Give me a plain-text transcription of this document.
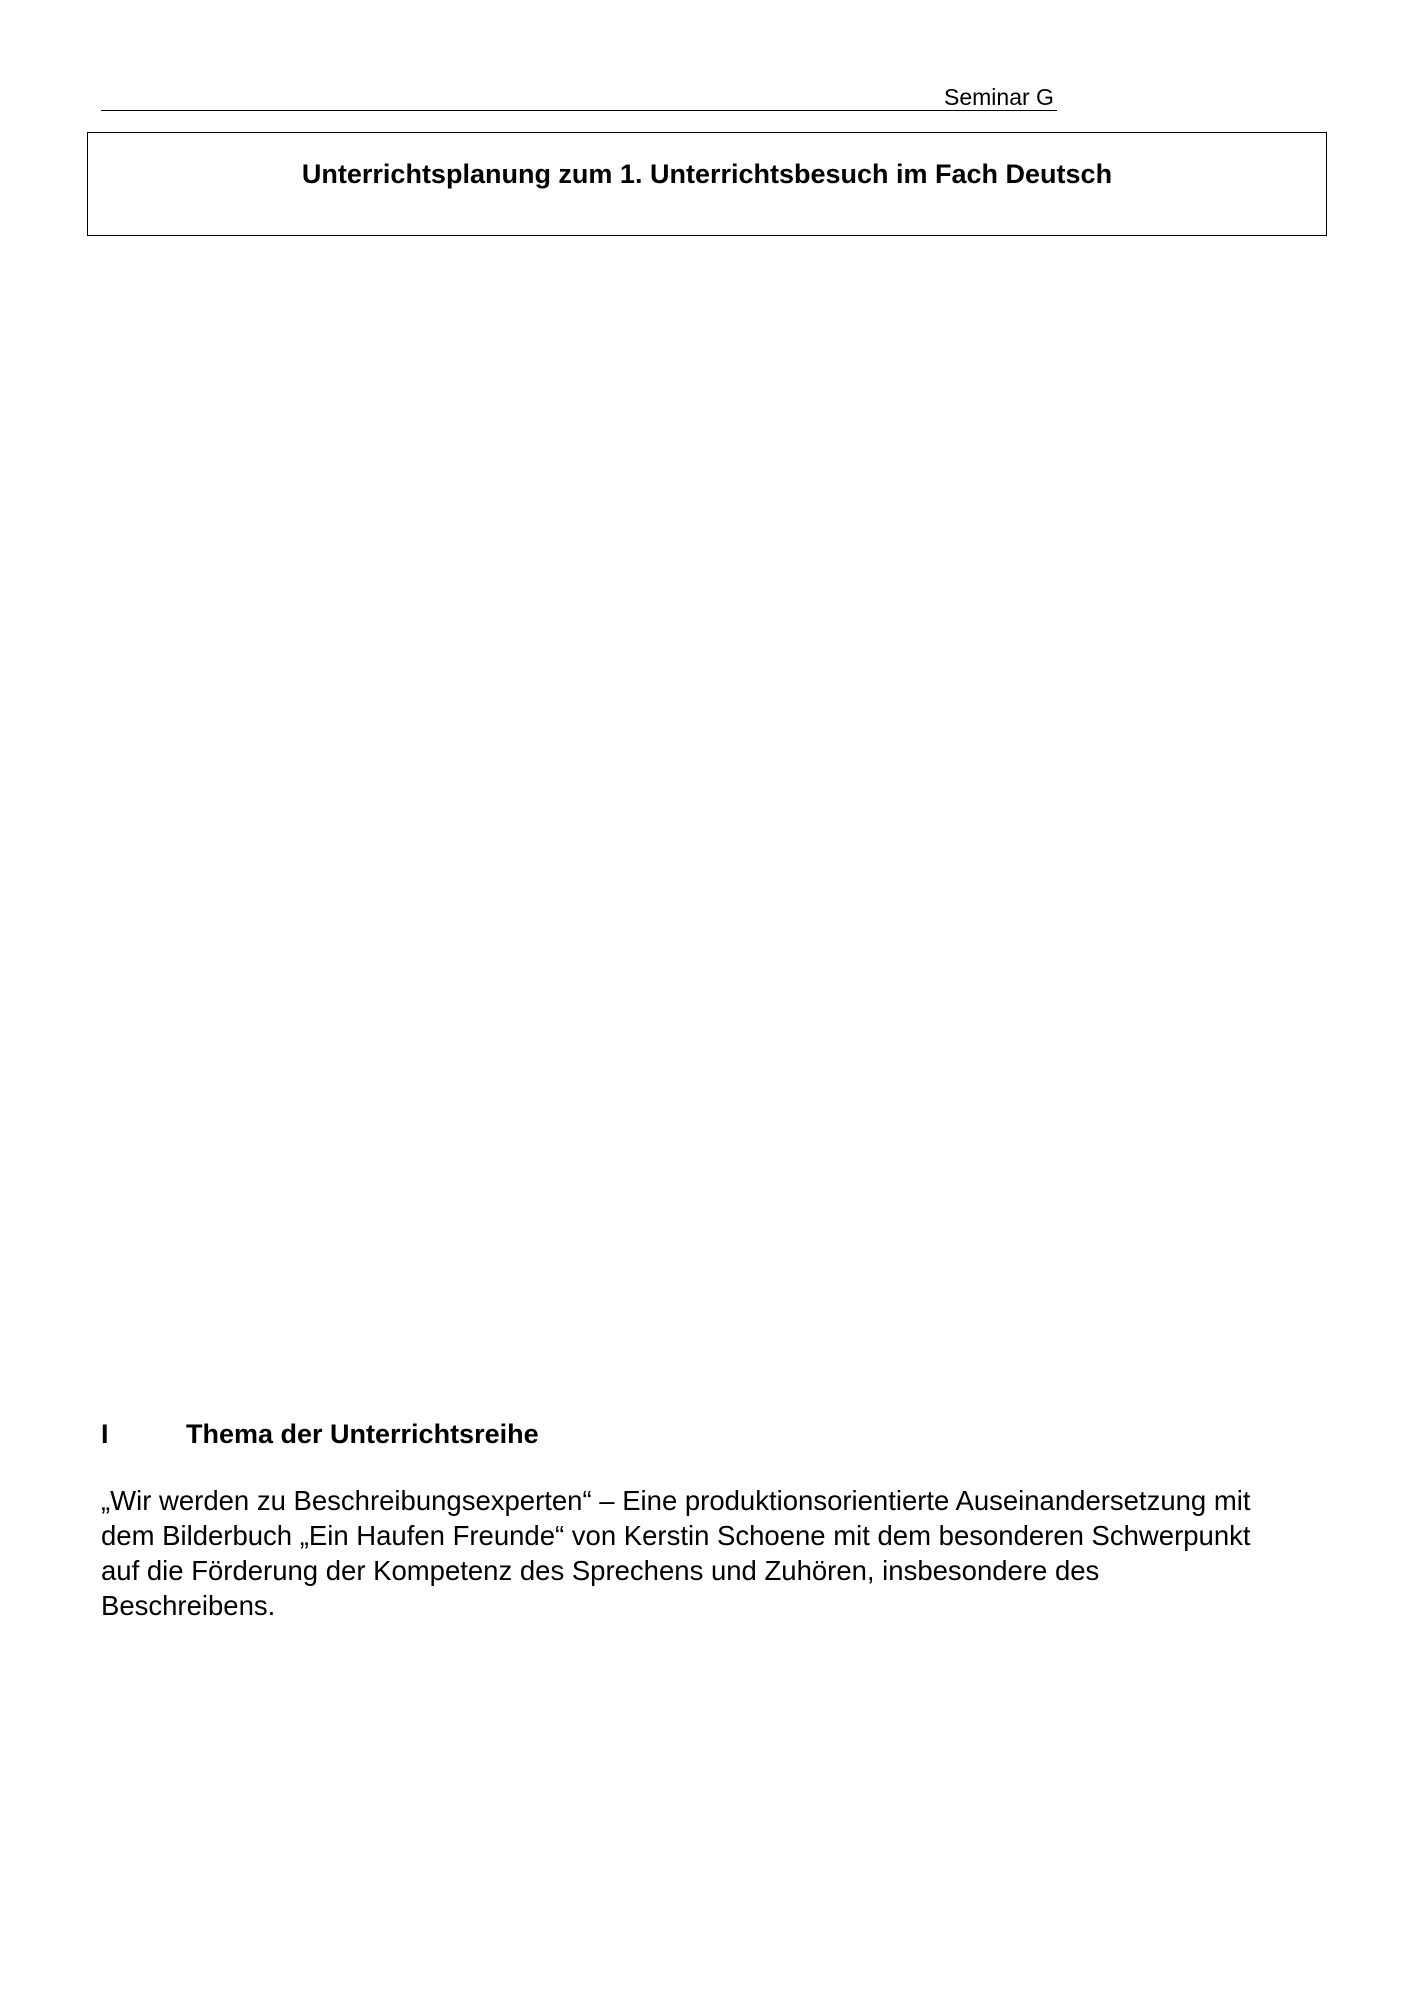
Seminar G
Unterrichtsplanung zum 1. Unterrichtsbesuch im Fach Deutsch
I	Thema der Unterrichtsreihe
„Wir werden zu Beschreibungsexperten“ – Eine produktionsorientierte Auseinandersetzung mit
dem Bilderbuch „Ein Haufen Freunde“ von Kerstin Schoene mit dem besonderen Schwerpunkt
auf die Förderung der Kompetenz des Sprechens und Zuhören, insbesondere des
Beschreibens.
